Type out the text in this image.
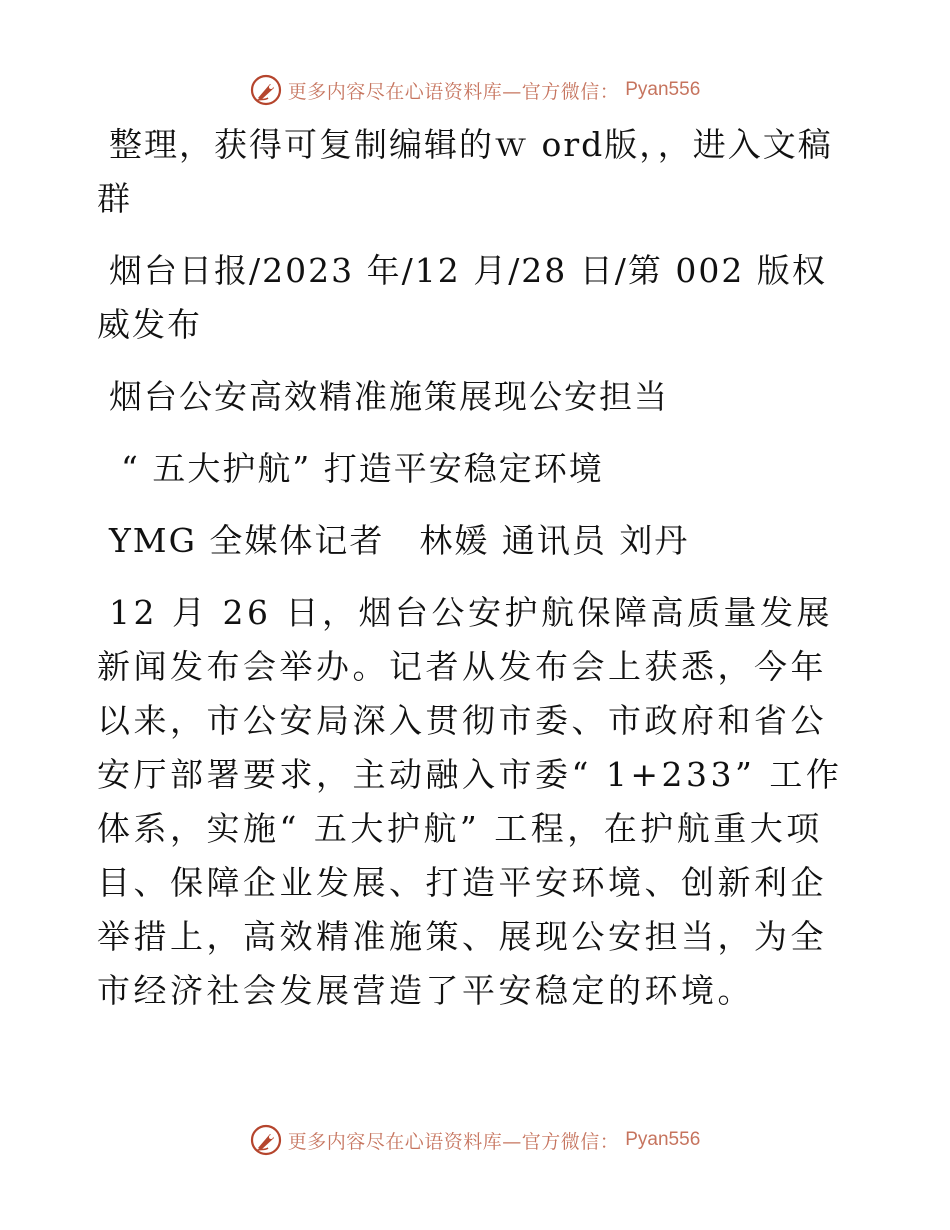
更多内容尽在心语资料库—官方微信： Pyan556

整理，获得可复制编辑的ｗ ord版，，进入文稿群

烟台日报/2023 年/12 月/28 日/第 002 版权威发布

烟台公安高效精准施策展现公安担当

“ 五大护航” 打造平安稳定环境

YMG 全媒体记者　林媛 通讯员 刘丹

12 月 26 日，烟台公安护航保障高质量发展新闻发布会举办。记者从发布会上获悉，今年以来，市公安局深入贯彻市委、市政府和省公安厅部署要求，主动融入市委“ 1+233” 工作体系，实施“ 五大护航” 工程，在护航重大项目、保障企业发展、打造平安环境、创新利企举措上，高效精准施策、展现公安担当，为全市经济社会发展营造了平安稳定的环境。

更多内容尽在心语资料库—官方微信： Pyan556
